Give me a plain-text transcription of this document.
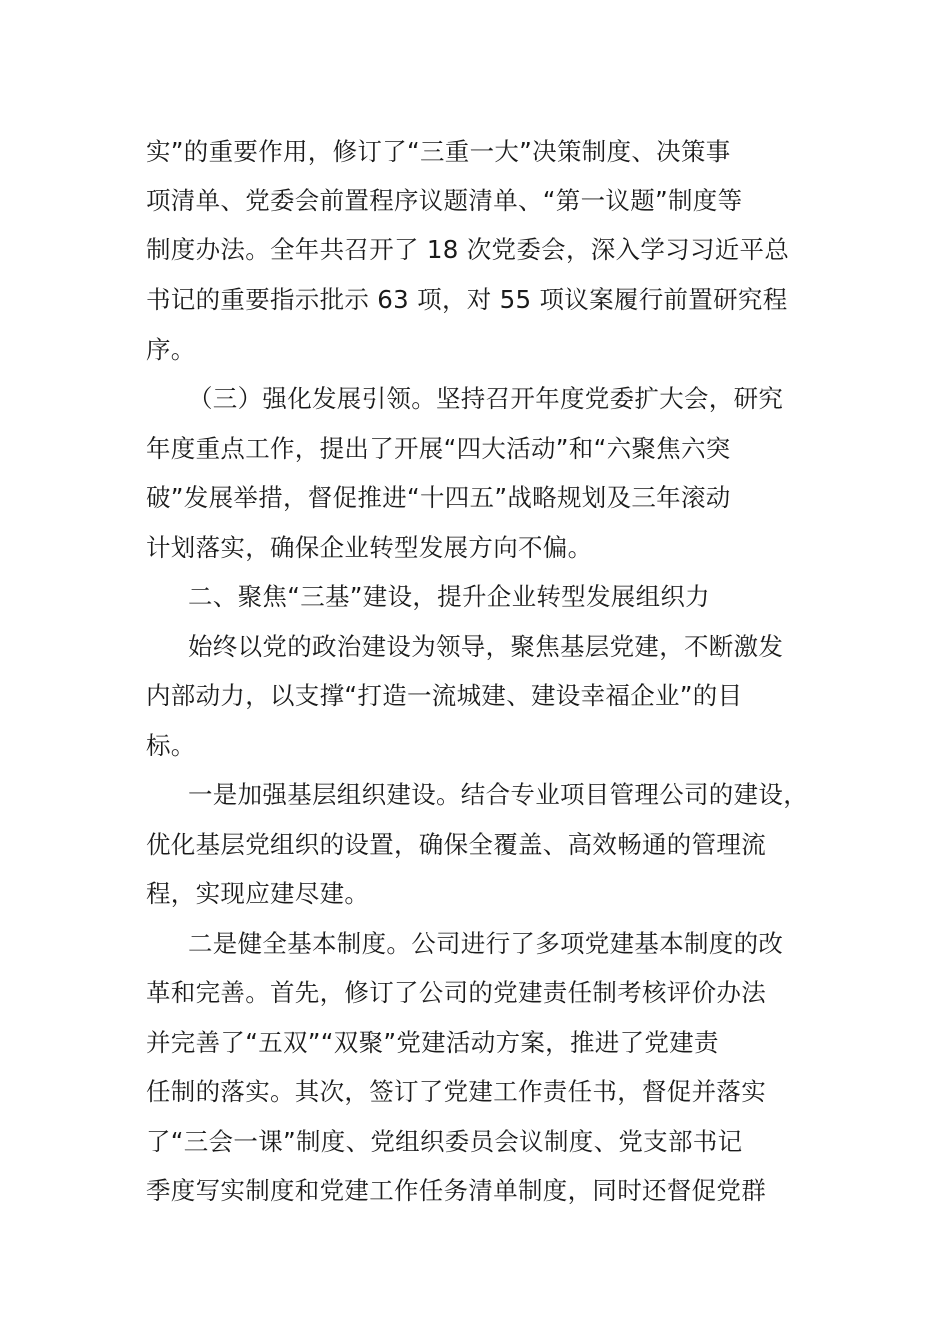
实”的重要作用，修订了“三重一大”决策制度、决策事
项清单、党委会前置程序议题清单、“第一议题”制度等
制度办法。全年共召开了 18 次党委会，深入学习习近平总
书记的重要指示批示 63 项，对 55 项议案履行前置研究程
序。
（三）强化发展引领。坚持召开年度党委扩大会，研究
年度重点工作，提出了开展“四大活动”和“六聚焦六突
破”发展举措，督促推进“十四五”战略规划及三年滚动
计划落实，确保企业转型发展方向不偏。
二、聚焦“三基”建设，提升企业转型发展组织力
始终以党的政治建设为领导，聚焦基层党建，不断激发
内部动力，以支撑“打造一流城建、建设幸福企业”的目
标。
一是加强基层组织建设。结合专业项目管理公司的建设，
优化基层党组织的设置，确保全覆盖、高效畅通的管理流
程，实现应建尽建。
二是健全基本制度。公司进行了多项党建基本制度的改
革和完善。首先，修订了公司的党建责任制考核评价办法
并完善了“五双”“双聚”党建活动方案，推进了党建责
任制的落实。其次，签订了党建工作责任书，督促并落实
了“三会一课”制度、党组织委员会议制度、党支部书记
季度写实制度和党建工作任务清单制度，同时还督促党群
